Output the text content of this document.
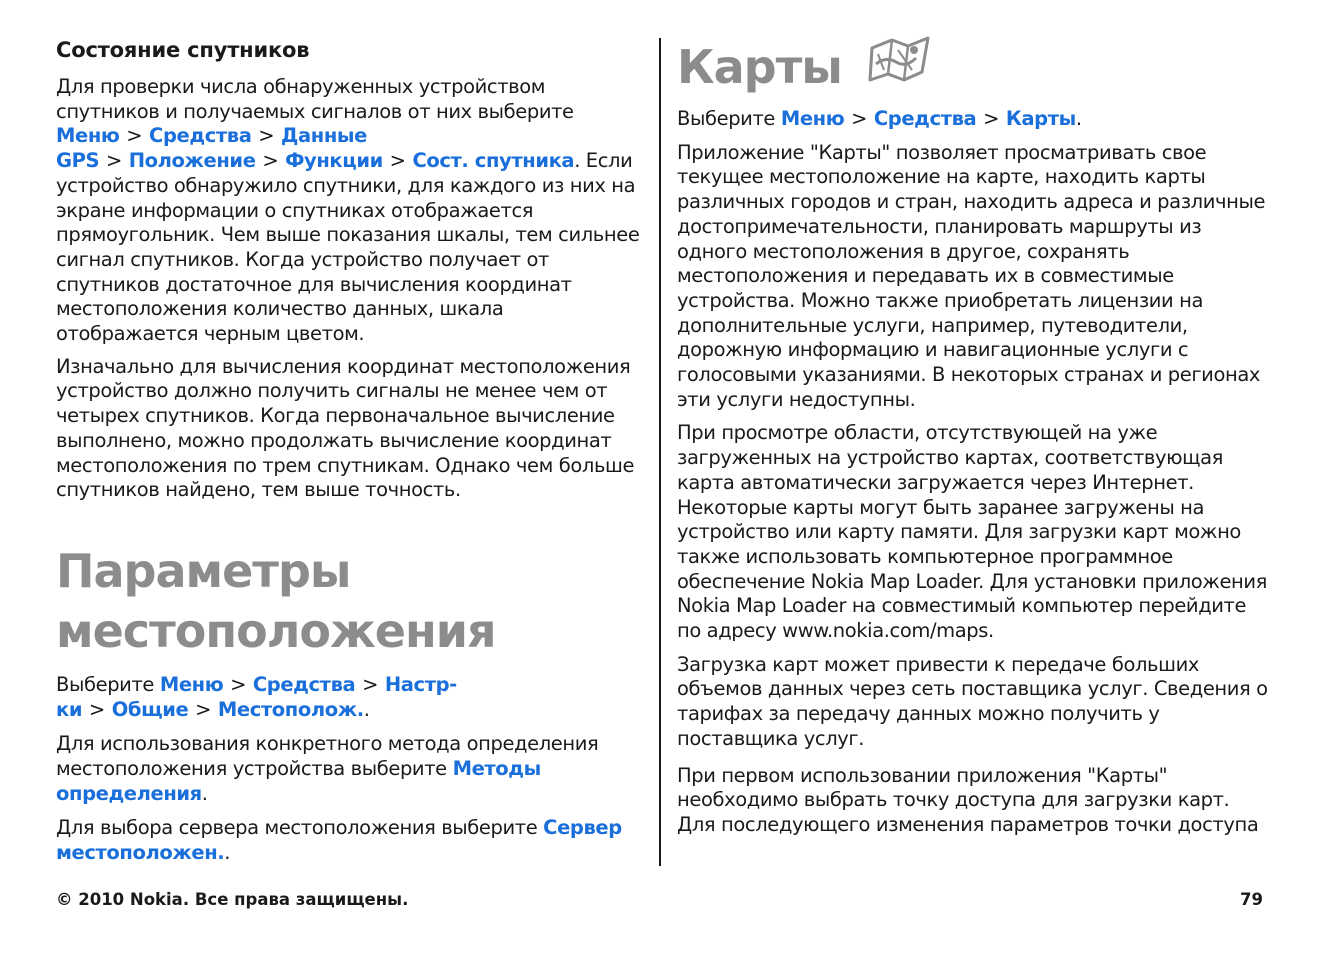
Состояние спутников

Для проверки числа обнаруженных устройством спутников и получаемых сигналов от них выберите Меню > Средства > Данные GPS > Положение > Функции > Сост. спутника. Если устройство обнаружило спутники, для каждого из них на экране информации о спутниках отображается прямоугольник. Чем выше показания шкалы, тем сильнее сигнал спутников. Когда устройство получает от спутников достаточное для вычисления координат местоположения количество данных, шкала отображается черным цветом.

Изначально для вычисления координат местоположения устройство должно получить сигналы не менее чем от четырех спутников. Когда первоначальное вычисление выполнено, можно продолжать вычисление координат местоположения по трем спутникам. Однако чем больше спутников найдено, тем выше точность.

Параметры
местоположения

Выберите Меню > Средства > Настр-ки > Общие > Местополож..

Для использования конкретного метода определения местоположения устройства выберите Методы определения.

Для выбора сервера местоположения выберите Сервер местоположен..

Карты

Выберите Меню > Средства > Карты.

Приложение "Карты" позволяет просматривать свое текущее местоположение на карте, находить карты различных городов и стран, находить адреса и различные достопримечательности, планировать маршруты из одного местоположения в другое, сохранять местоположения и передавать их в совместимые устройства. Можно также приобретать лицензии на дополнительные услуги, например, путеводители, дорожную информацию и навигационные услуги с голосовыми указаниями. В некоторых странах и регионах эти услуги недоступны.

При просмотре области, отсутствующей на уже загруженных на устройство картах, соответствующая карта автоматически загружается через Интернет. Некоторые карты могут быть заранее загружены на устройство или карту памяти. Для загрузки карт можно также использовать компьютерное программное обеспечение Nokia Map Loader. Для установки приложения Nokia Map Loader на совместимый компьютер перейдите по адресу www.nokia.com/maps.

Загрузка карт может привести к передаче больших объемов данных через сеть поставщика услуг. Сведения о тарифах за передачу данных можно получить у поставщика услуг.

При первом использовании приложения "Карты" необходимо выбрать точку доступа для загрузки карт. Для последующего изменения параметров точки доступа

© 2010 Nokia. Все права защищены.	79
